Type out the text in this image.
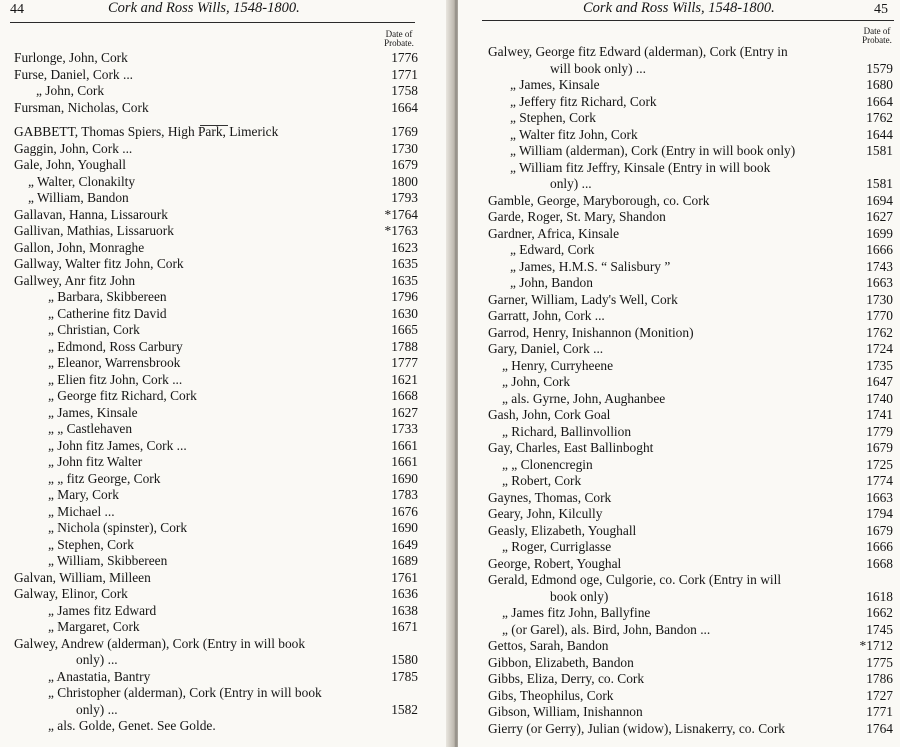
44	Cork and Ross Wills, 1548-1800.
Date of Probate.
Furlonge, John, Cork	1776
Furse, Daniel, Cork ...	1771
„ John, Cork	1758
Fursman, Nicholas, Cork	1664
GABBETT, Thomas Spiers, High Park, Limerick	1769
Gaggin, John, Cork ...	1730
Gale, John, Youghall	1679
„ Walter, Clonakilty	1800
„ William, Bandon	1793
Gallavan, Hanna, Lissarourk	*1764
Gallivan, Mathias, Lissaruork	*1763
Gallon, John, Monraghe	1623
Gallway, Walter fitz John, Cork	1635
Gallwey, Anr fitz John	1635
„ Barbara, Skibbereen	1796
„ Catherine fitz David	1630
„ Christian, Cork	1665
„ Edmond, Ross Carbury	1788
„ Eleanor, Warrensbrook	1777
„ Elien fitz John, Cork ...	1621
„ George fitz Richard, Cork	1668
„ James, Kinsale	1627
„ „ Castlehaven	1733
„ John fitz James, Cork ...	1661
„ John fitz Walter	1661
„ „ fitz George, Cork	1690
„ Mary, Cork	1783
„ Michael ...	1676
„ Nichola (spinster), Cork	1690
„ Stephen, Cork	1649
„ William, Skibbereen	1689
Galvan, William, Milleen	1761
Galway, Elinor, Cork	1636
„ James fitz Edward	1638
„ Margaret, Cork	1671
Galwey, Andrew (alderman), Cork (Entry in will book
only) ...	1580
„ Anastatia, Bantry	1785
„ Christopher (alderman), Cork (Entry in will book
only) ...	1582
„ als. Golde, Genet. See Golde.
Cork and Ross Wills, 1548-1800.	45
Date of Probate.
Galwey, George fitz Edward (alderman), Cork (Entry in
will book only) ...	1579
„ James, Kinsale	1680
„ Jeffery fitz Richard, Cork	1664
„ Stephen, Cork	1762
„ Walter fitz John, Cork	1644
„ William (alderman), Cork (Entry in will book only)	1581
„ William fitz Jeffry, Kinsale (Entry in will book
only) ...	1581
Gamble, George, Maryborough, co. Cork	1694
Garde, Roger, St. Mary, Shandon	1627
Gardner, Africa, Kinsale	1699
„ Edward, Cork	1666
„ James, H.M.S. “ Salisbury ”	1743
„ John, Bandon	1663
Garner, William, Lady's Well, Cork	1730
Garratt, John, Cork ...	1770
Garrod, Henry, Inishannon (Monition)	1762
Gary, Daniel, Cork ...	1724
„ Henry, Curryheene	1735
„ John, Cork	1647
„ als. Gyrne, John, Aughanbee	1740
Gash, John, Cork Goal	1741
„ Richard, Ballinvollion	1779
Gay, Charles, East Ballinboght	1679
„ „ Clonencregin	1725
„ Robert, Cork	1774
Gaynes, Thomas, Cork	1663
Geary, John, Kilcully	1794
Geasly, Elizabeth, Youghall	1679
„ Roger, Curriglasse	1666
George, Robert, Youghal	1668
Gerald, Edmond oge, Culgorie, co. Cork (Entry in will
book only)	1618
„ James fitz John, Ballyfine	1662
„ (or Garel), als. Bird, John, Bandon ...	1745
Gettos, Sarah, Bandon	*1712
Gibbon, Elizabeth, Bandon	1775
Gibbs, Eliza, Derry, co. Cork	1786
Gibs, Theophilus, Cork	1727
Gibson, William, Inishannon	1771
Gierry (or Gerry), Julian (widow), Lisnakerry, co. Cork	1764
